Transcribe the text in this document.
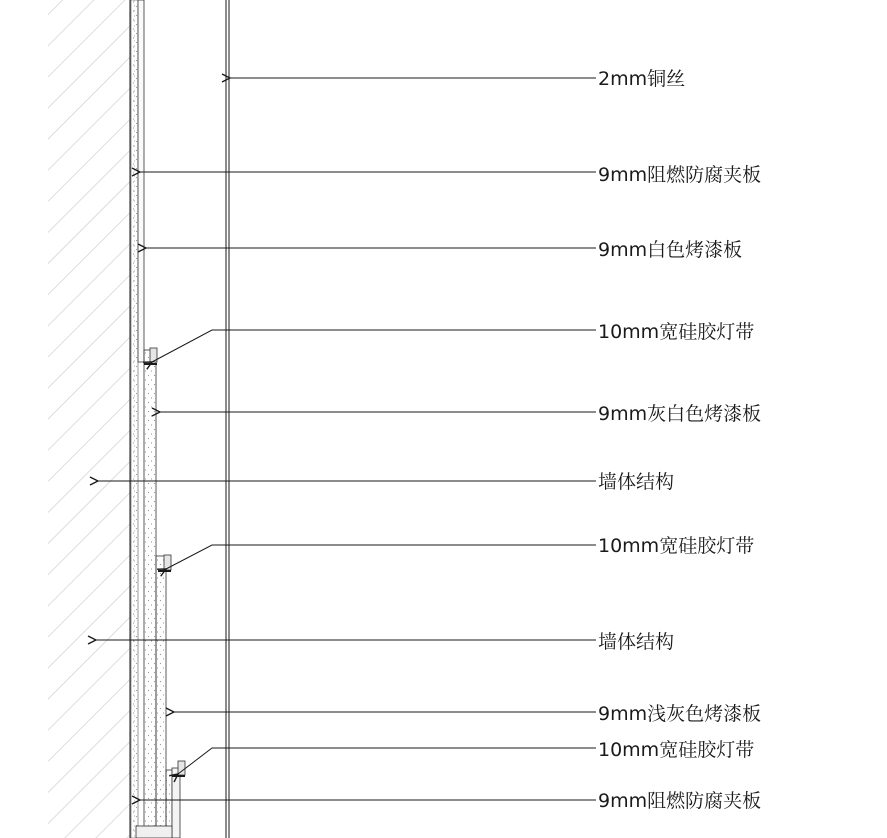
2mm铜丝
9mm阻燃防腐夹板
9mm白色烤漆板
10mm宽硅胶灯带
9mm灰白色烤漆板
墙体结构
10mm宽硅胶灯带
墙体结构
9mm浅灰色烤漆板
10mm宽硅胶灯带
9mm阻燃防腐夹板
